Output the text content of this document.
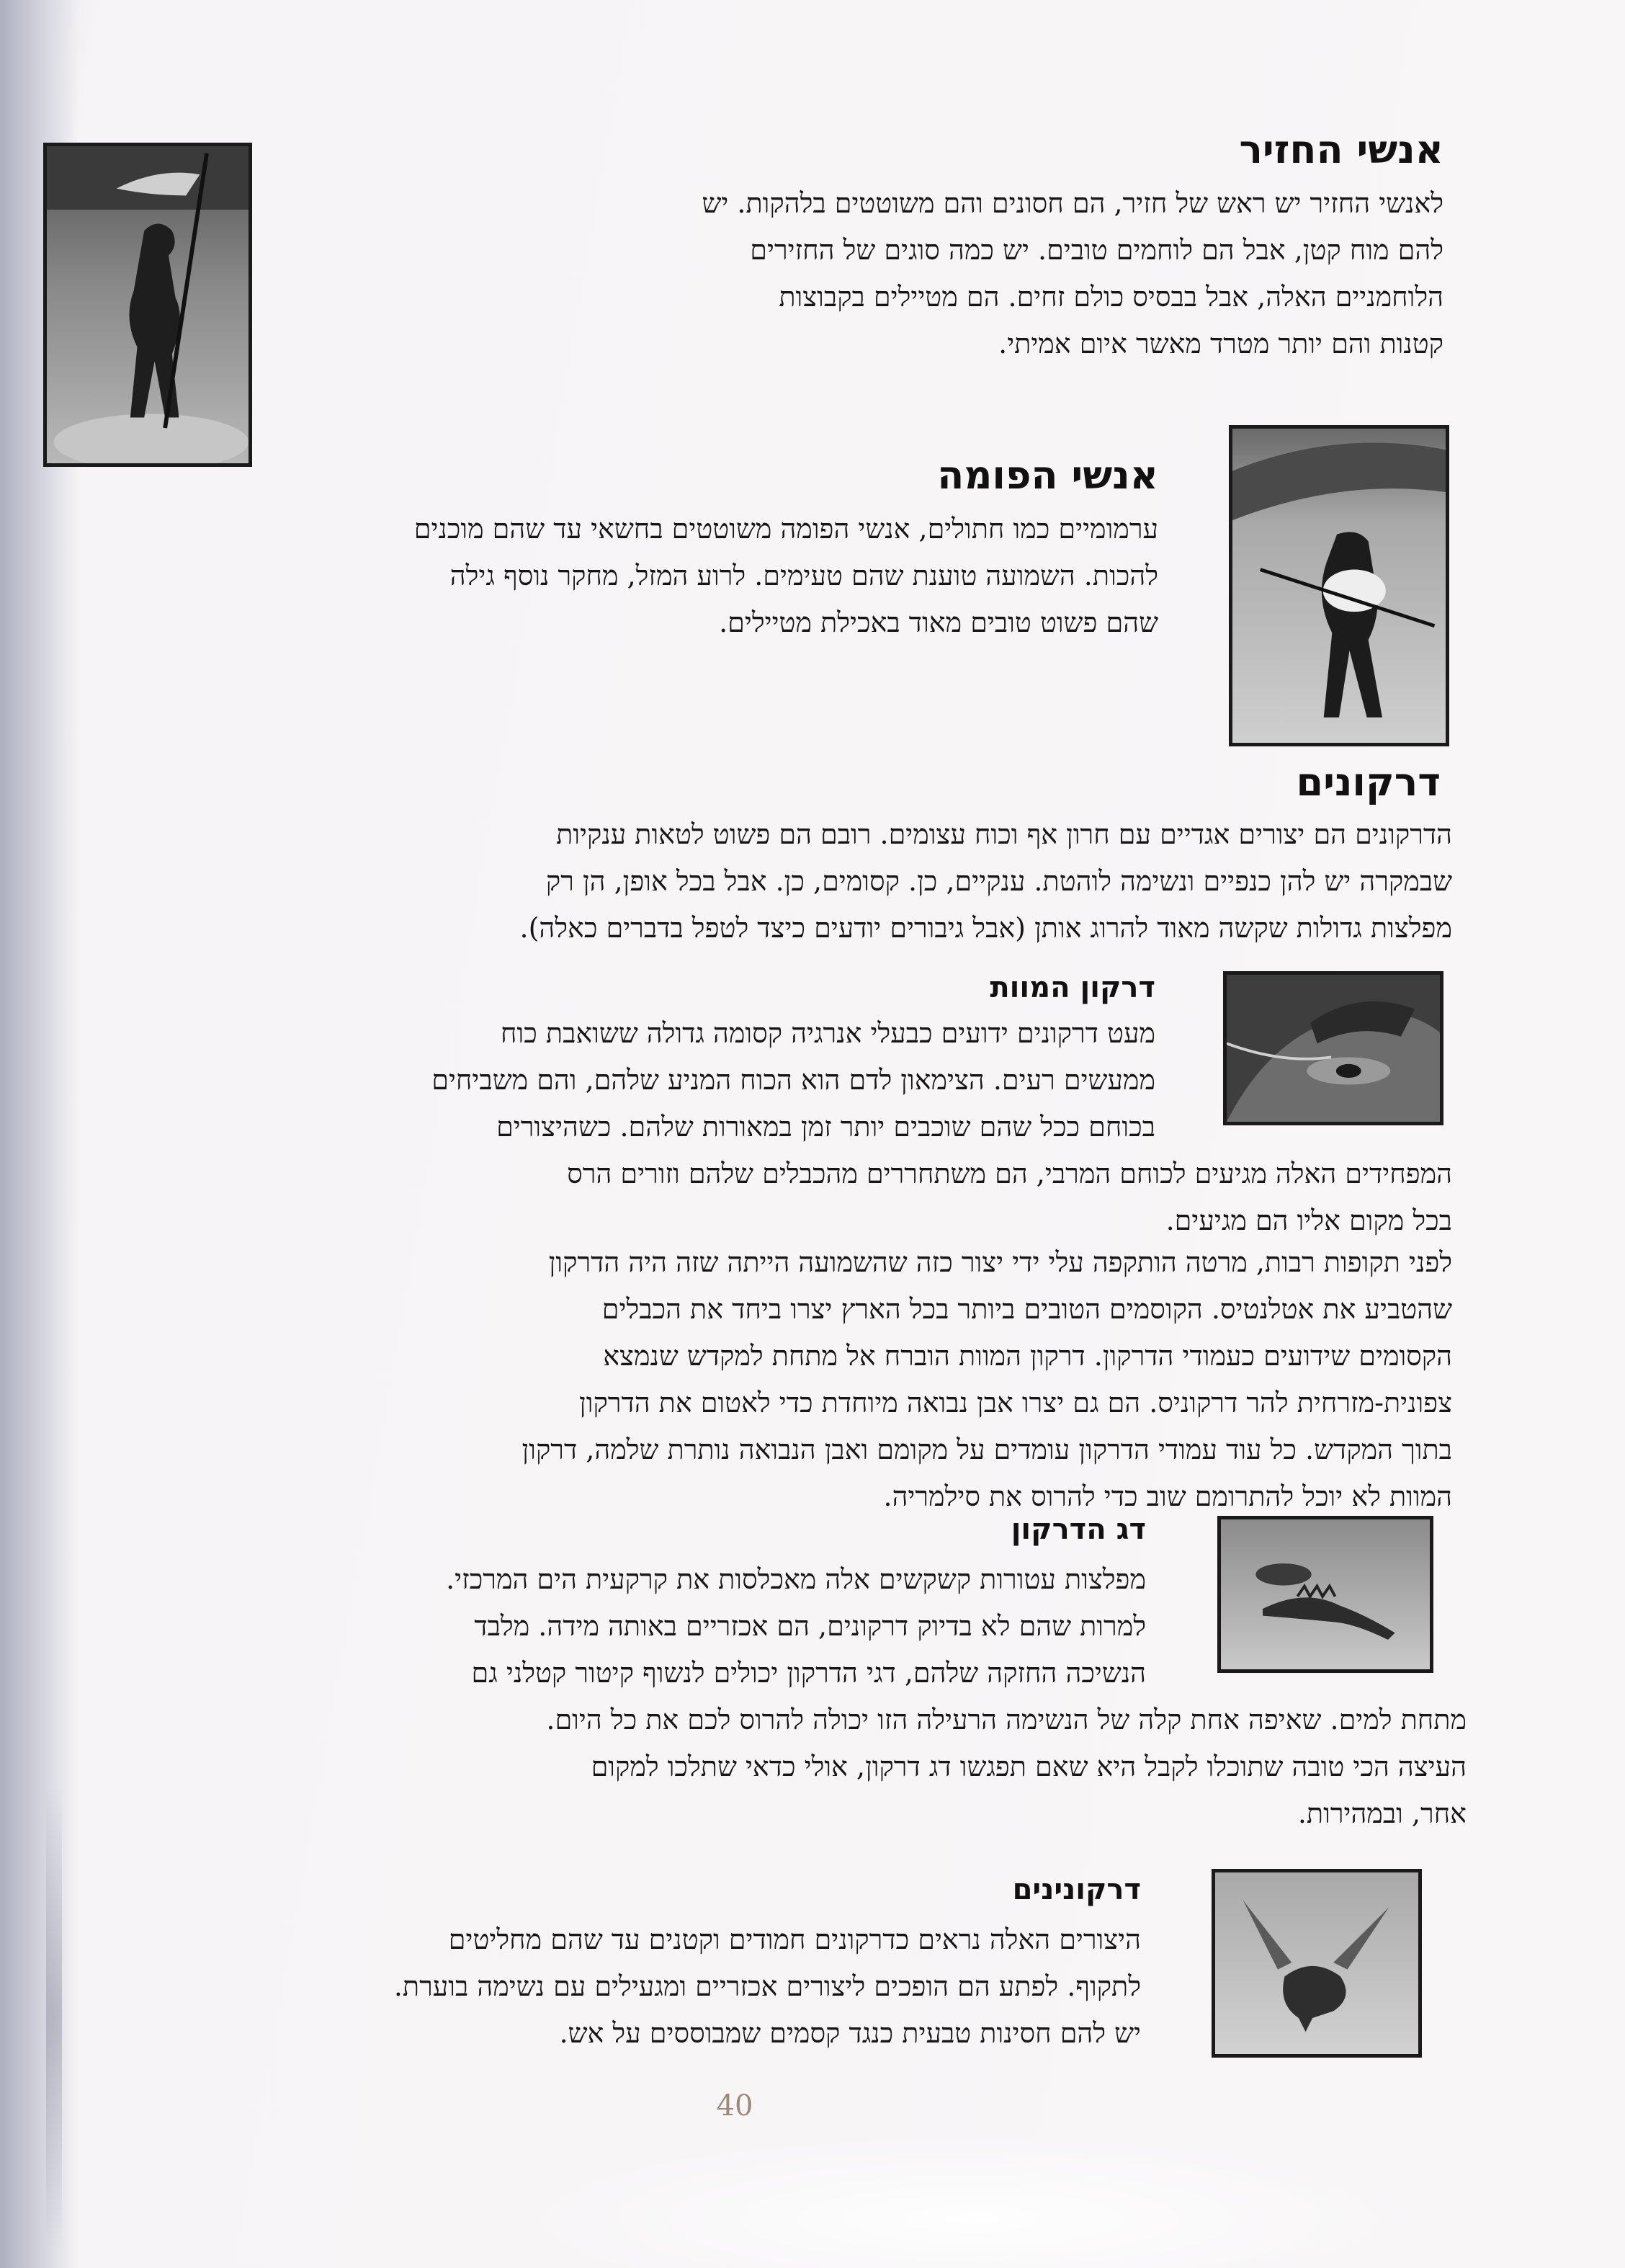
אנשי החזיר
לאנשי החזיר יש ראש של חזיר, הם חסונים והם משוטטים בלהקות. יש
להם מוח קטן, אבל הם לוחמים טובים. יש כמה סוגים של החזירים
הלוחמניים האלה, אבל בבסיס כולם זחים. הם מטיילים בקבוצות
קטנות והם יותר מטרד מאשר איום אמיתי.
אנשי הפומה
ערמומיים כמו חתולים, אנשי הפומה משוטטים בחשאי עד שהם מוכנים
להכות. השמועה טוענת שהם טעימים. לרוע המזל, מחקר נוסף גילה
שהם פשוט טובים מאוד באכילת מטיילים.
דרקונים
הדרקונים הם יצורים אגדיים עם חרון אף וכוח עצומים. רובם הם פשוט לטאות ענקיות
שבמקרה יש להן כנפיים ונשימה לוהטת. ענקיים, כן. קסומים, כן. אבל בכל אופן, הן רק
מפלצות גדולות שקשה מאוד להרוג אותן (אבל גיבורים יודעים כיצד לטפל בדברים כאלה).
דרקון המוות
מעט דרקונים ידועים כבעלי אנרגיה קסומה גדולה ששואבת כוח
ממעשים רעים. הצימאון לדם הוא הכוח המניע שלהם, והם משביחים
בכוחם ככל שהם שוכבים יותר זמן במאורות שלהם. כשהיצורים
המפחידים האלה מגיעים לכוחם המרבי, הם משתחררים מהכבלים שלהם וזורים הרס
בכל מקום אליו הם מגיעים.
לפני תקופות רבות, מרטה הותקפה עלי ידי יצור כזה שהשמועה הייתה שזה היה הדרקון
שהטביע את אטלנטיס. הקוסמים הטובים ביותר בכל הארץ יצרו ביחד את הכבלים
הקסומים שידועים כעמודי הדרקון. דרקון המוות הוברח אל מתחת למקדש שנמצא
צפונית-מזרחית להר דרקוניס. הם גם יצרו אבן נבואה מיוחדת כדי לאטום את הדרקון
בתוך המקדש. כל עוד עמודי הדרקון עומדים על מקומם ואבן הנבואה נותרת שלמה, דרקון
המוות לא יוכל להתרומם שוב כדי להרוס את סילמריה.
דג הדרקון
מפלצות עטורות קשקשים אלה מאכלסות את קרקעית הים המרכזי.
למרות שהם לא בדיוק דרקונים, הם אכזריים באותה מידה. מלבד
הנשיכה החזקה שלהם, דגי הדרקון יכולים לנשוף קיטור קטלני גם
מתחת למים. שאיפה אחת קלה של הנשימה הרעילה הזו יכולה להרוס לכם את כל היום.
העיצה הכי טובה שתוכלו לקבל היא שאם תפגשו דג דרקון, אולי כדאי שתלכו למקום
אחר, ובמהירות.
דרקונינים
היצורים האלה נראים כדרקונים חמודים וקטנים עד שהם מחליטים
לתקוף. לפתע הם הופכים ליצורים אכזריים ומגעילים עם נשימה בוערת.
יש להם חסינות טבעית כנגד קסמים שמבוססים על אש.
40
